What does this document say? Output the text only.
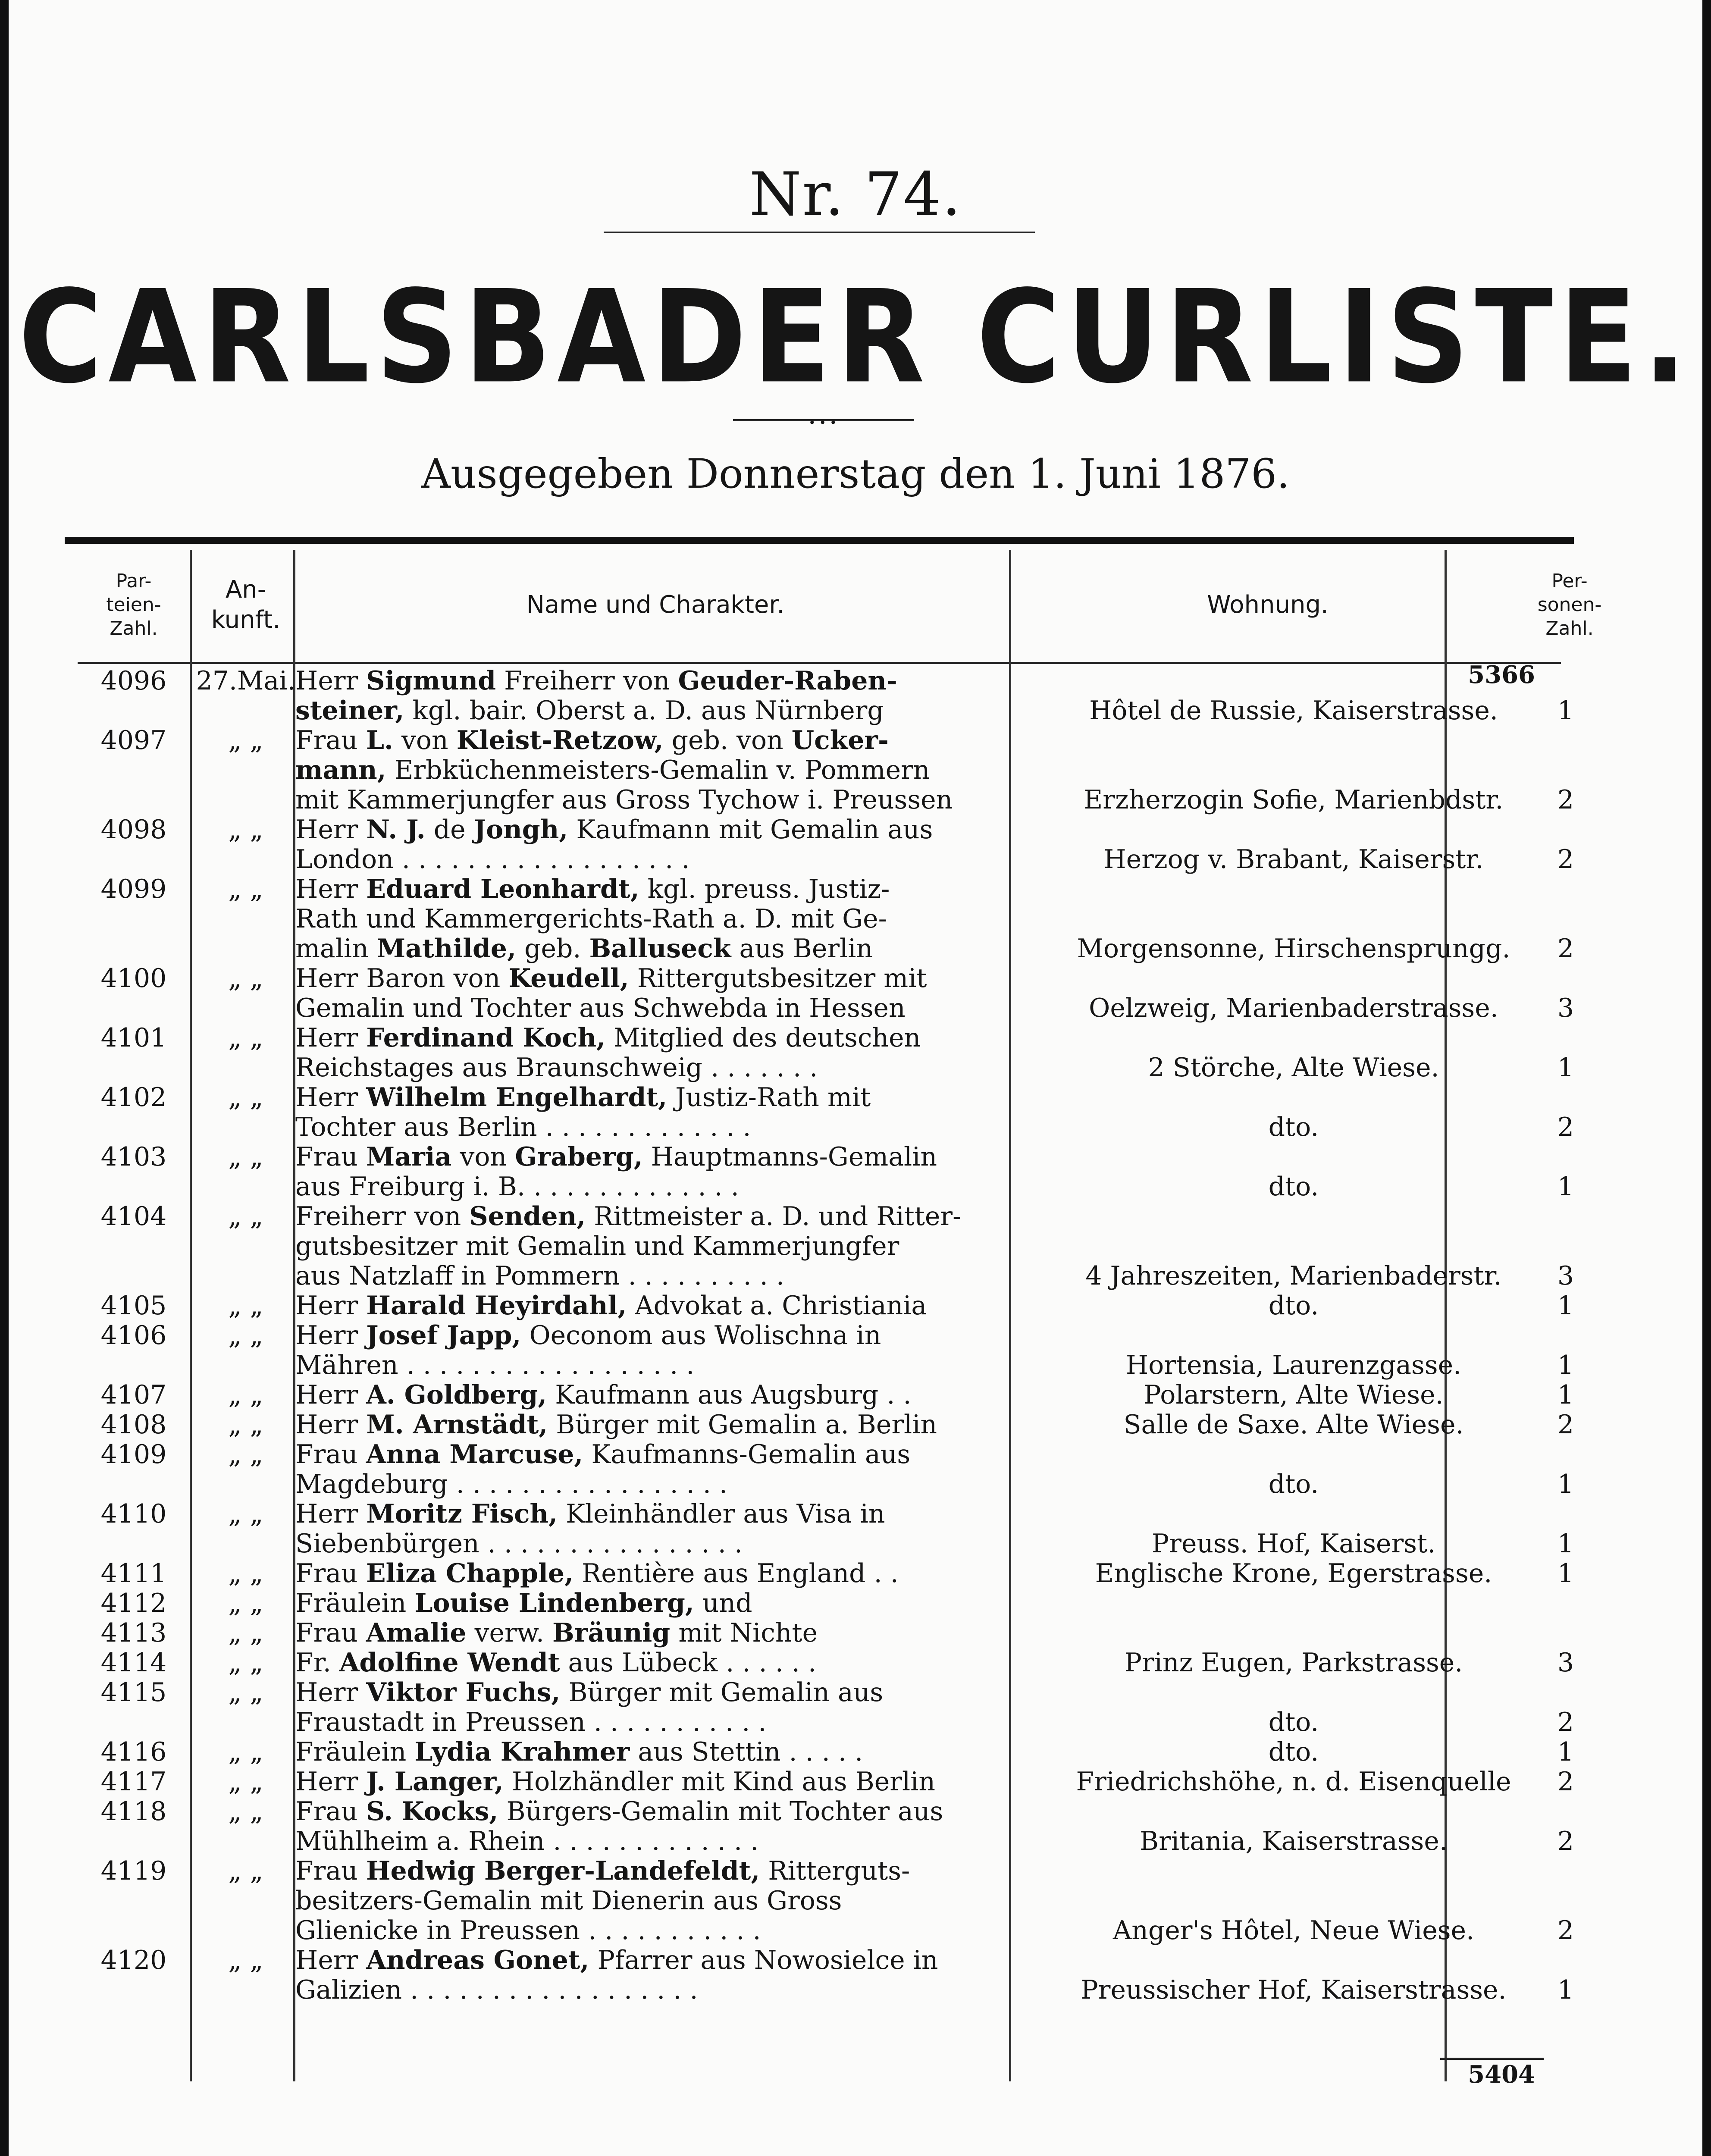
Nr. 74.
CARLSBADER CURLISTE.
•••
Ausgegeben Donnerstag den 1. Juni 1876.
Par-
teien-
Zahl.
An-
kunft.
Name und Charakter.	Wohnung.
Per-
sonen-
Zahl.
5366
4096	27.Mai. Herr Sigmund Freiherr von Geuder-Raben-
steiner, kgl. bair. Oberst a. D. aus Nürnberg	Hôtel de Russie, Kaiserstrasse.	1
4097	„ „	Frau L. von Kleist-Retzow, geb. von Ucker-
mann, Erbküchenmeisters-Gemalin v. Pommern
mit Kammerjungfer aus Gross Tychow i. Preussen	Erzherzogin Sofie, Marienbdstr.	2
4098	„ „	Herr N. J. de Jongh, Kaufmann mit Gemalin aus
London . . . . . . . . . . . . . . . . . .	Herzog v. Brabant, Kaiserstr.	2
4099	„ „	Herr Eduard Leonhardt, kgl. preuss. Justiz-
Rath und Kammergerichts-Rath a. D. mit Ge-
malin Mathilde, geb. Balluseck aus Berlin	Morgensonne, Hirschensprungg.	2
4100	„ „	Herr Baron von Keudell, Rittergutsbesitzer mit
Gemalin und Tochter aus Schwebda in Hessen	Oelzweig, Marienbaderstrasse.	3
4101	„ „	Herr Ferdinand Koch, Mitglied des deutschen
Reichstages aus Braunschweig . . . . . . .	2 Störche, Alte Wiese.	1
4102	„ „	Herr Wilhelm Engelhardt, Justiz-Rath mit
Tochter aus Berlin . . . . . . . . . . . . .	dto.	2
4103	„ „	Frau Maria von Graberg, Hauptmanns-Gemalin
aus Freiburg i. B. . . . . . . . . . . . . .	dto.	1
4104	„ „	Freiherr von Senden, Rittmeister a. D. und Ritter-
gutsbesitzer mit Gemalin und Kammerjungfer
aus Natzlaff in Pommern . . . . . . . . . .	4 Jahreszeiten, Marienbaderstr.	3
4105	„ „	Herr Harald Heyirdahl, Advokat a. Christiania	dto.	1
4106	„ „	Herr Josef Japp, Oeconom aus Wolischna in
Mähren . . . . . . . . . . . . . . . . . .	Hortensia, Laurenzgasse.	1
4107	„ „	Herr A. Goldberg, Kaufmann aus Augsburg . .	Polarstern, Alte Wiese.	1
4108	„ „	Herr M. Arnstädt, Bürger mit Gemalin a. Berlin	Salle de Saxe. Alte Wiese.	2
4109	„ „	Frau Anna Marcuse, Kaufmanns-Gemalin aus
Magdeburg . . . . . . . . . . . . . . . . .	dto.	1
4110	„ „	Herr Moritz Fisch, Kleinhändler aus Visa in
Siebenbürgen . . . . . . . . . . . . . . . .	Preuss. Hof, Kaiserst.	1
4111	„ „	Frau Eliza Chapple, Rentière aus England . .	Englische Krone, Egerstrasse.	1
4112	„ „	Fräulein Louise Lindenberg, und
4113	„ „	Frau Amalie verw. Bräunig mit Nichte
4114	„ „	Fr. Adolfine Wendt aus Lübeck . . . . . .	Prinz Eugen, Parkstrasse.	3
4115	„ „	Herr Viktor Fuchs, Bürger mit Gemalin aus
Fraustadt in Preussen . . . . . . . . . . .	dto.	2
4116	„ „	Fräulein Lydia Krahmer aus Stettin . . . . .	dto.	1
4117	„ „	Herr J. Langer, Holzhändler mit Kind aus Berlin	Friedrichshöhe, n. d. Eisenquelle	2
4118	„ „	Frau S. Kocks, Bürgers-Gemalin mit Tochter aus
Mühlheim a. Rhein . . . . . . . . . . . . .	Britania, Kaiserstrasse.	2
4119	„ „	Frau Hedwig Berger-Landefeldt, Ritterguts-
besitzers-Gemalin mit Dienerin aus Gross
Glienicke in Preussen . . . . . . . . . . .	Anger's Hôtel, Neue Wiese.	2
4120	„ „	Herr Andreas Gonet, Pfarrer aus Nowosielce in
Galizien . . . . . . . . . . . . . . . . . .	Preussischer Hof, Kaiserstrasse.	1
5404
